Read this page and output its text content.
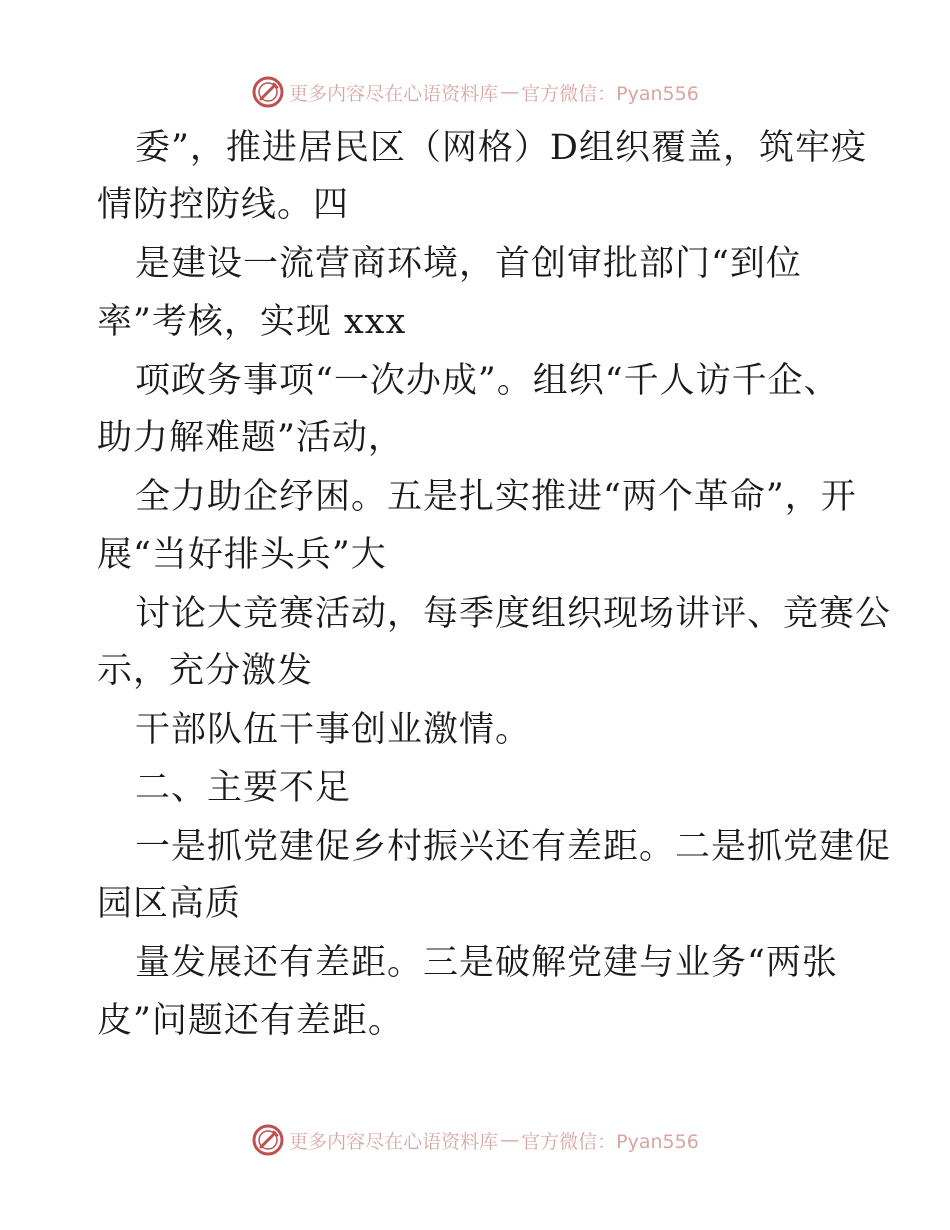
更多内容尽在心语资料库 — 官方微信：Pyan556
委”，推进居民区（网格）D组织覆盖，筑牢疫
情防控防线。四
是建设一流营商环境，首创审批部门“到位
率”考核，实现 xxx
项政务事项“一次办成”。组织“千人访千企、
助力解难题”活动，
全力助企纾困。五是扎实推进“两个革命”，开
展“当好排头兵”大
讨论大竞赛活动，每季度组织现场讲评、竞赛公
示，充分激发
干部队伍干事创业激情。
二、主要不足
一是抓党建促乡村振兴还有差距。二是抓党建促
园区高质
量发展还有差距。三是破解党建与业务“两张
皮”问题还有差距。
更多内容尽在心语资料库 — 官方微信：Pyan556
